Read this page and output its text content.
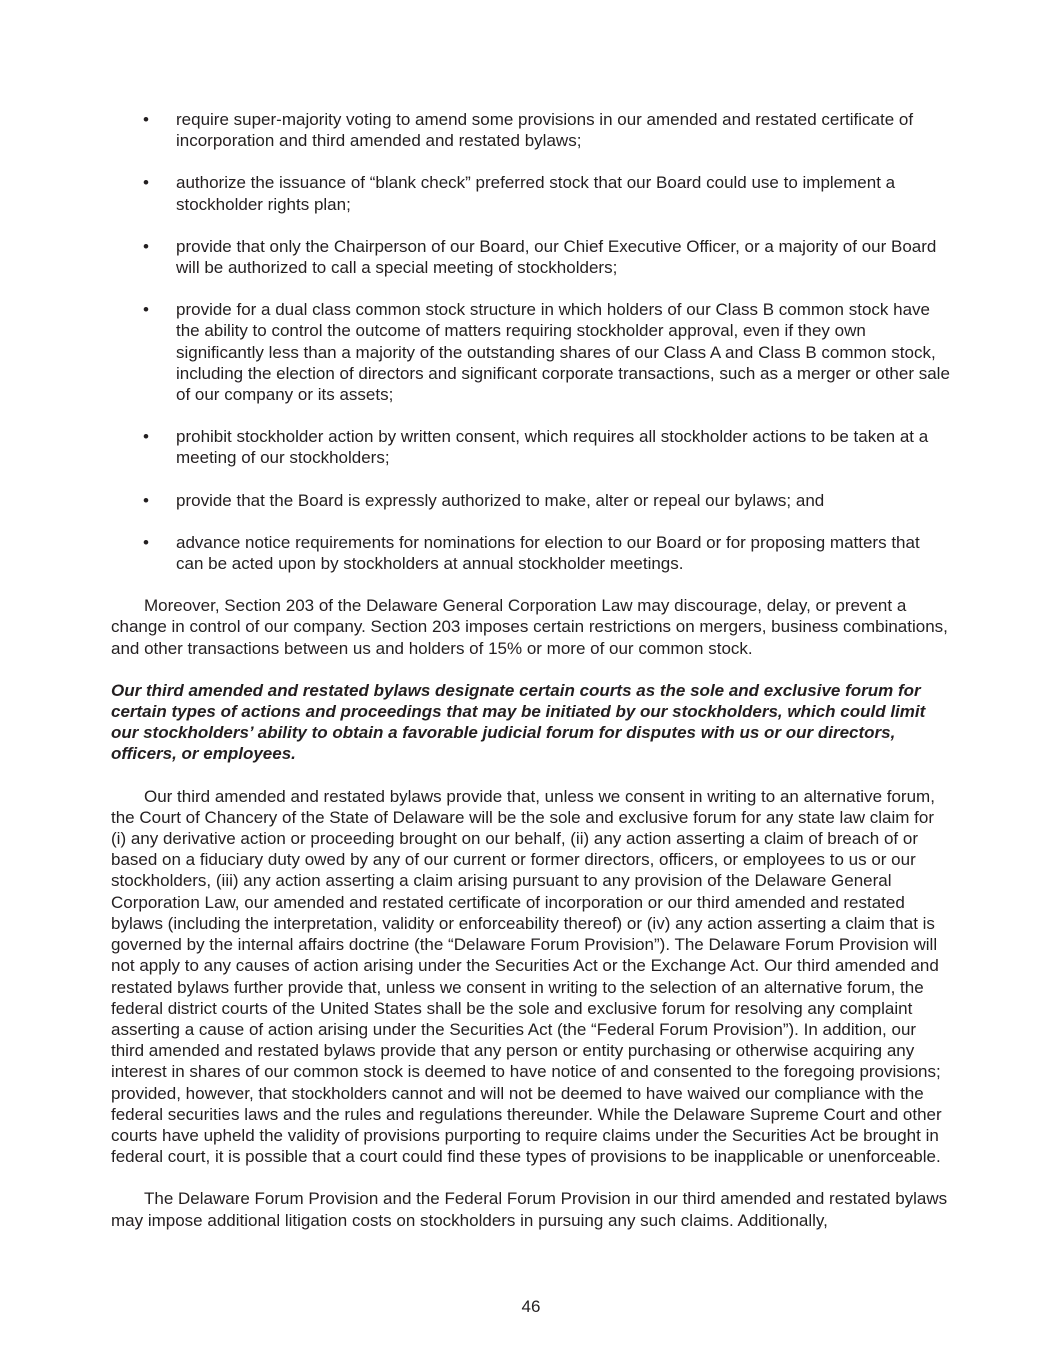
• require super-majority voting to amend some provisions in our amended and restated certificate of incorporation and third amended and restated bylaws;
• authorize the issuance of “blank check” preferred stock that our Board could use to implement a stockholder rights plan;
• provide that only the Chairperson of our Board, our Chief Executive Officer, or a majority of our Board will be authorized to call a special meeting of stockholders;
• provide for a dual class common stock structure in which holders of our Class B common stock have the ability to control the outcome of matters requiring stockholder approval, even if they own significantly less than a majority of the outstanding shares of our Class A and Class B common stock, including the election of directors and significant corporate transactions, such as a merger or other sale of our company or its assets;
• prohibit stockholder action by written consent, which requires all stockholder actions to be taken at a meeting of our stockholders;
• provide that the Board is expressly authorized to make, alter or repeal our bylaws; and
• advance notice requirements for nominations for election to our Board or for proposing matters that can be acted upon by stockholders at annual stockholder meetings.

Moreover, Section 203 of the Delaware General Corporation Law may discourage, delay, or prevent a change in control of our company. Section 203 imposes certain restrictions on mergers, business combinations, and other transactions between us and holders of 15% or more of our common stock.

Our third amended and restated bylaws designate certain courts as the sole and exclusive forum for certain types of actions and proceedings that may be initiated by our stockholders, which could limit our stockholders’ ability to obtain a favorable judicial forum for disputes with us or our directors, officers, or employees.

Our third amended and restated bylaws provide that, unless we consent in writing to an alternative forum, the Court of Chancery of the State of Delaware will be the sole and exclusive forum for any state law claim for (i) any derivative action or proceeding brought on our behalf, (ii) any action asserting a claim of breach of or based on a fiduciary duty owed by any of our current or former directors, officers, or employees to us or our stockholders, (iii) any action asserting a claim arising pursuant to any provision of the Delaware General Corporation Law, our amended and restated certificate of incorporation or our third amended and restated bylaws (including the interpretation, validity or enforceability thereof) or (iv) any action asserting a claim that is governed by the internal affairs doctrine (the “Delaware Forum Provision”). The Delaware Forum Provision will not apply to any causes of action arising under the Securities Act or the Exchange Act. Our third amended and restated bylaws further provide that, unless we consent in writing to the selection of an alternative forum, the federal district courts of the United States shall be the sole and exclusive forum for resolving any complaint asserting a cause of action arising under the Securities Act (the “Federal Forum Provision”). In addition, our third amended and restated bylaws provide that any person or entity purchasing or otherwise acquiring any interest in shares of our common stock is deemed to have notice of and consented to the foregoing provisions; provided, however, that stockholders cannot and will not be deemed to have waived our compliance with the federal securities laws and the rules and regulations thereunder. While the Delaware Supreme Court and other courts have upheld the validity of provisions purporting to require claims under the Securities Act be brought in federal court, it is possible that a court could find these types of provisions to be inapplicable or unenforceable.

The Delaware Forum Provision and the Federal Forum Provision in our third amended and restated bylaws may impose additional litigation costs on stockholders in pursuing any such claims. Additionally,

46
